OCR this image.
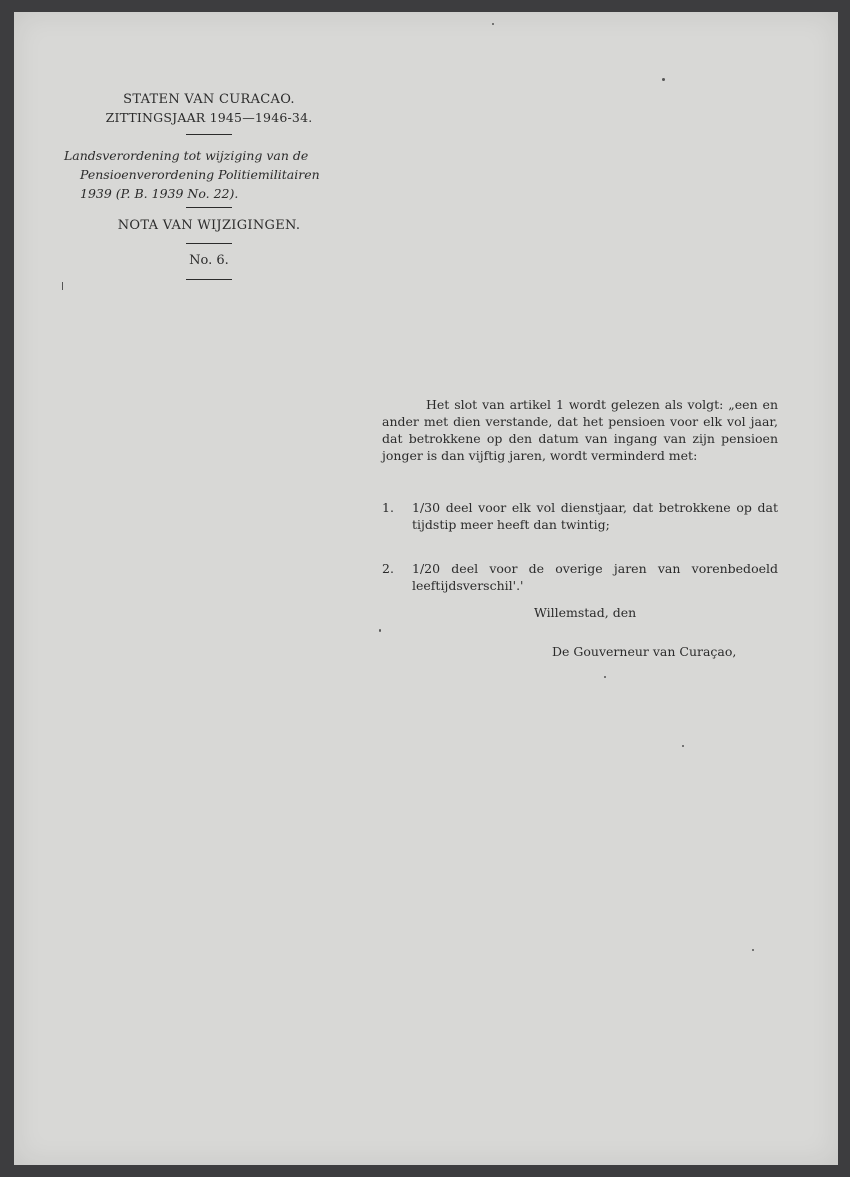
STATEN VAN CURACAO.
ZITTINGSJAAR 1945—1946-34.
Landsverordening tot wijziging van de
Pensioenverordening Politiemilitairen
1939 (P. B. 1939 No. 22).
NOTA VAN WIJZIGINGEN.
No. 6.
Het slot van artikel 1 wordt gelezen als volgt: „een en ander met dien verstande, dat het pensioen voor elk vol jaar, dat betrokkene op den datum van ingang van zijn pensioen jonger is dan vijftig jaren, wordt verminderd met:
1.	1/30 deel voor elk vol dienstjaar, dat betrokkene op dat tijdstip meer heeft dan twintig;
2.	1/20 deel voor de overige jaren van vorenbedoeld leeftijdsverschil'.'
Willemstad, den
De Gouverneur van Curaçao,
